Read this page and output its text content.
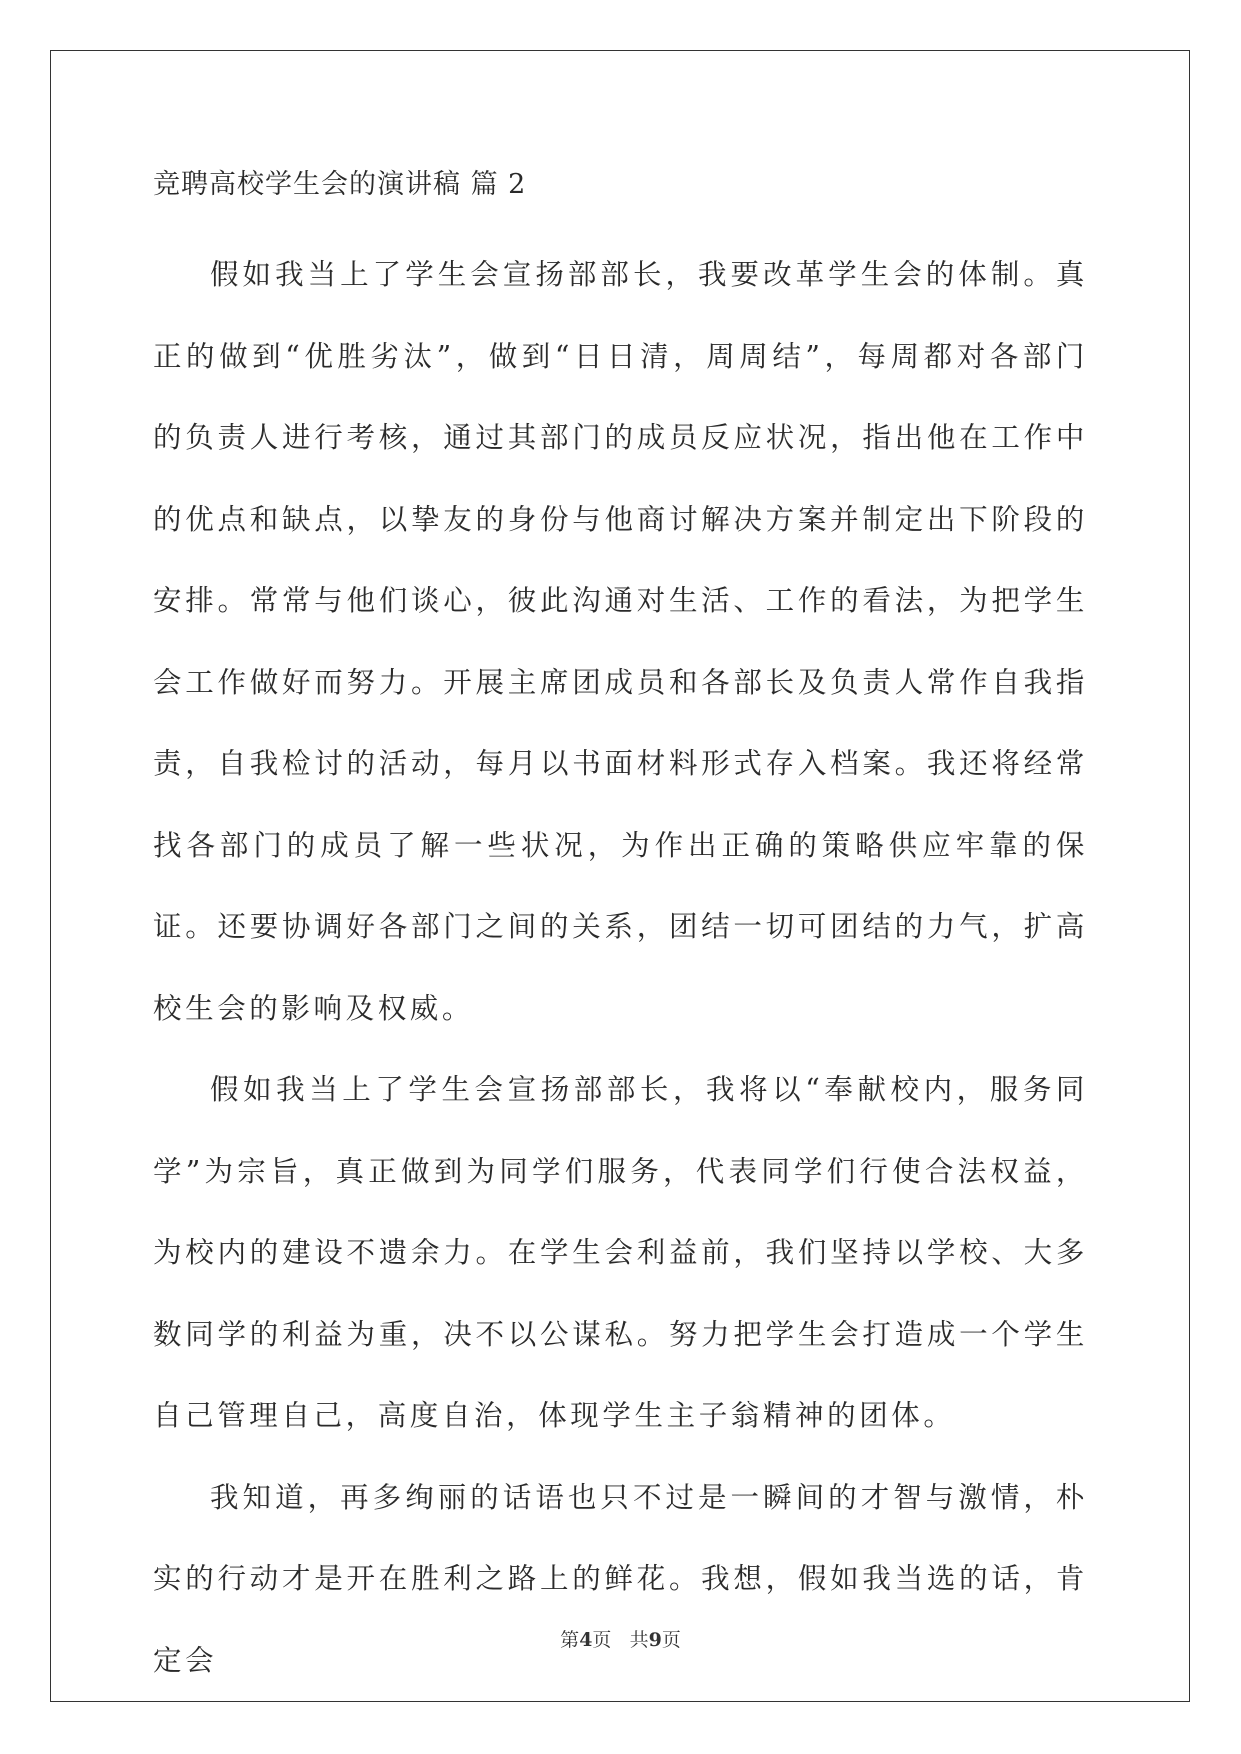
竞聘高校学生会的演讲稿 篇 2

假如我当上了学生会宣扬部部长，我要改革学生会的体制。真正的做到“优胜劣汰”，做到“日日清，周周结”，每周都对各部门的负责人进行考核，通过其部门的成员反应状况，指出他在工作中的优点和缺点，以挚友的身份与他商讨解决方案并制定出下阶段的安排。常常与他们谈心，彼此沟通对生活、工作的看法，为把学生会工作做好而努力。开展主席团成员和各部长及负责人常作自我指责，自我检讨的活动，每月以书面材料形式存入档案。我还将经常找各部门的成员了解一些状况，为作出正确的策略供应牢靠的保证。还要协调好各部门之间的关系，团结一切可团结的力气，扩高校生会的影响及权威。

假如我当上了学生会宣扬部部长，我将以“奉献校内，服务同学”为宗旨，真正做到为同学们服务，代表同学们行使合法权益，为校内的建设不遗余力。在学生会利益前，我们坚持以学校、大多数同学的利益为重，决不以公谋私。努力把学生会打造成一个学生自己管理自己，高度自治，体现学生主子翁精神的团体。

我知道，再多绚丽的话语也只不过是一瞬间的才智与激情，朴实的行动才是开在胜利之路上的鲜花。我想，假如我当选的话，肯定会

第4页 共9页
